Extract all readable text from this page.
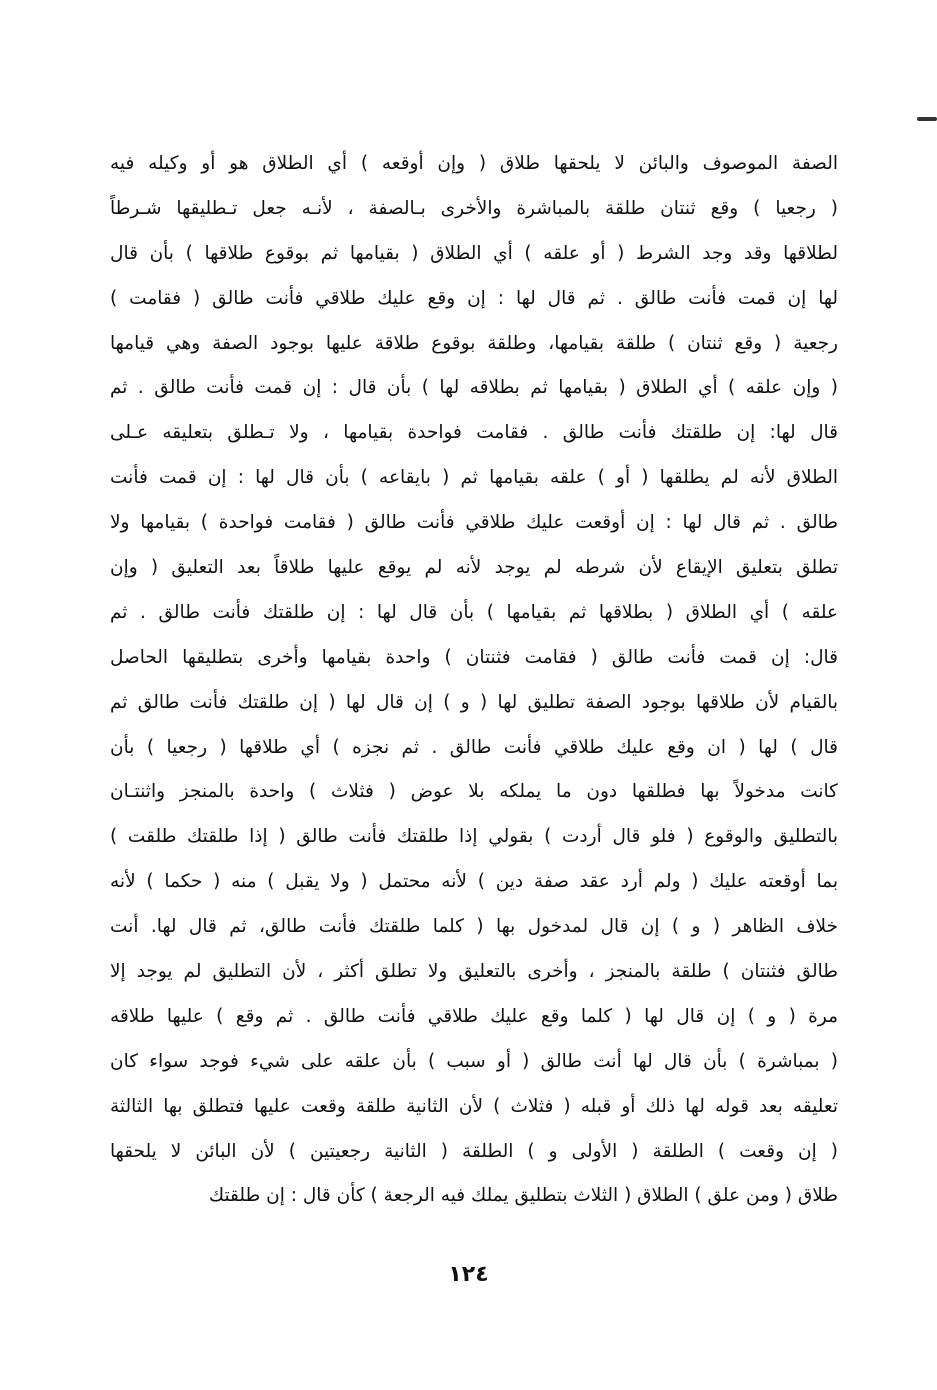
الصفة الموصوف والبائن لا يلحقها طلاق ( وإن أوقعه ) أي الطلاق هو أو وكيله فيه
( رجعيا ) وقع ثنتان طلقة بالمباشرة والأخرى بـالصفة ، لأنـه جعل تـطليقها شـرطاً
لطلاقها وقد وجد الشرط ( أو علقه ) أي الطلاق ( بقيامها ثم بوقوع طلاقها ) بأن قال
لها إن قمت فأنت طالق . ثم قال لها : إن وقع عليك طلاقي فأنت طالق ( فقامت )
رجعية ( وقع ثنتان ) طلقة بقيامها، وطلقة بوقوع طلاقة عليها بوجود الصفة وهي قيامها
( وإن علقه ) أي الطلاق ( بقيامها ثم بطلاقه لها ) بأن قال : إن قمت فأنت طالق . ثم
قال لها: إن طلقتك فأنت طالق . فقامت فواحدة بقيامها ، ولا تـطلق بتعليقه عـلى
الطلاق لأنه لم يطلقها ( أو ) علقه بقيامها ثم ( بايقاعه ) بأن قال لها : إن قمت فأنت
طالق . ثم قال لها : إن أوقعت عليك طلاقي فأنت طالق ( فقامت فواحدة ) بقيامها ولا
تطلق بتعليق الإيقاع لأن شرطه لم يوجد لأنه لم يوقع عليها طلاقاً بعد التعليق ( وإن
علقه ) أي الطلاق ( بطلاقها ثم بقيامها ) بأن قال لها : إن طلقتك فأنت طالق . ثم
قال: إن قمت فأنت طالق ( فقامت فثنتان ) واحدة بقيامها وأخرى بتطليقها الحاصل
بالقيام لأن طلاقها بوجود الصفة تطليق لها ( و ) إن قال لها ( إن طلقتك فأنت طالق ثم
قال ) لها ( ان وقع عليك طلاقي فأنت طالق . ثم نجزه ) أي طلاقها ( رجعيا ) بأن
كانت مدخولاً بها فطلقها دون ما يملكه بلا عوض ( فثلاث ) واحدة بالمنجز واثنتـان
بالتطليق والوقوع ( فلو قال أردت ) بقولي إذا طلقتك فأنت طالق ( إذا طلقتك طلقت )
بما أوقعته عليك ( ولم أرد عقد صفة دين ) لأنه محتمل ( ولا يقبل ) منه ( حكما ) لأنه
خلاف الظاهر ( و ) إن قال لمدخول بها ( كلما طلقتك فأنت طالق، ثم قال لها. أنت
طالق فثنتان ) طلقة بالمنجز ، وأخرى بالتعليق ولا تطلق أكثر ، لأن التطليق لم يوجد إلا
مرة ( و ) إن قال لها ( كلما وقع عليك طلاقي فأنت طالق . ثم وقع ) عليها طلاقه
( بمباشرة ) بأن قال لها أنت طالق ( أو سبب ) بأن علقه على شيء فوجد سواء كان
تعليقه بعد قوله لها ذلك أو قبله ( فثلاث ) لأن الثانية طلقة وقعت عليها فتطلق بها الثالثة
( إن وقعت ) الطلقة ( الأولى و ) الطلقة ( الثانية رجعيتين ) لأن البائن لا يلحقها
طلاق ( ومن علق ) الطلاق ( الثلاث بتطليق يملك فيه الرجعة ) كأن قال : إن طلقتك
١٢٤
